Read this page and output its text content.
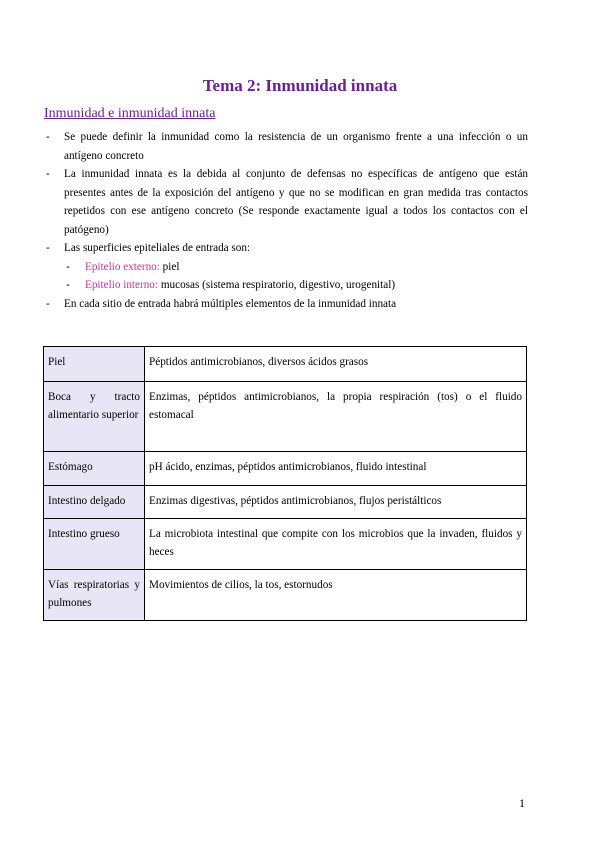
Tema 2: Inmunidad innata
Inmunidad e inmunidad innata
- Se puede definir la inmunidad como la resistencia de un organismo frente a una infección o un antígeno concreto
- La inmunidad innata es la debida al conjunto de defensas no específicas de antígeno que están presentes antes de la exposición del antígeno y que no se modifican en gran medida tras contactos repetidos con ese antígeno concreto (Se responde exactamente igual a todos los contactos con el patógeno)
- Las superficies epiteliales de entrada son:
- Epitelio externo: piel
- Epitelio interno: mucosas (sistema respiratorio, digestivo, urogenital)
- En cada sitio de entrada habrá múltiples elementos de la inmunidad innata
Piel	Péptidos antimicrobianos, diversos ácidos grasos
Boca y tracto alimentario superior	Enzimas, péptidos antimicrobianos, la propia respiración (tos) o el fluido estomacal
Estómago	pH ácido, enzimas, péptidos antimicrobianos, fluido intestinal
Intestino delgado	Enzimas digestivas, péptidos antimicrobianos, flujos peristálticos
Intestino grueso	La microbiota intestinal que compite con los microbios que la invaden, fluidos y heces
Vías respiratorias y pulmones	Movimientos de cilios, la tos, estornudos
1
